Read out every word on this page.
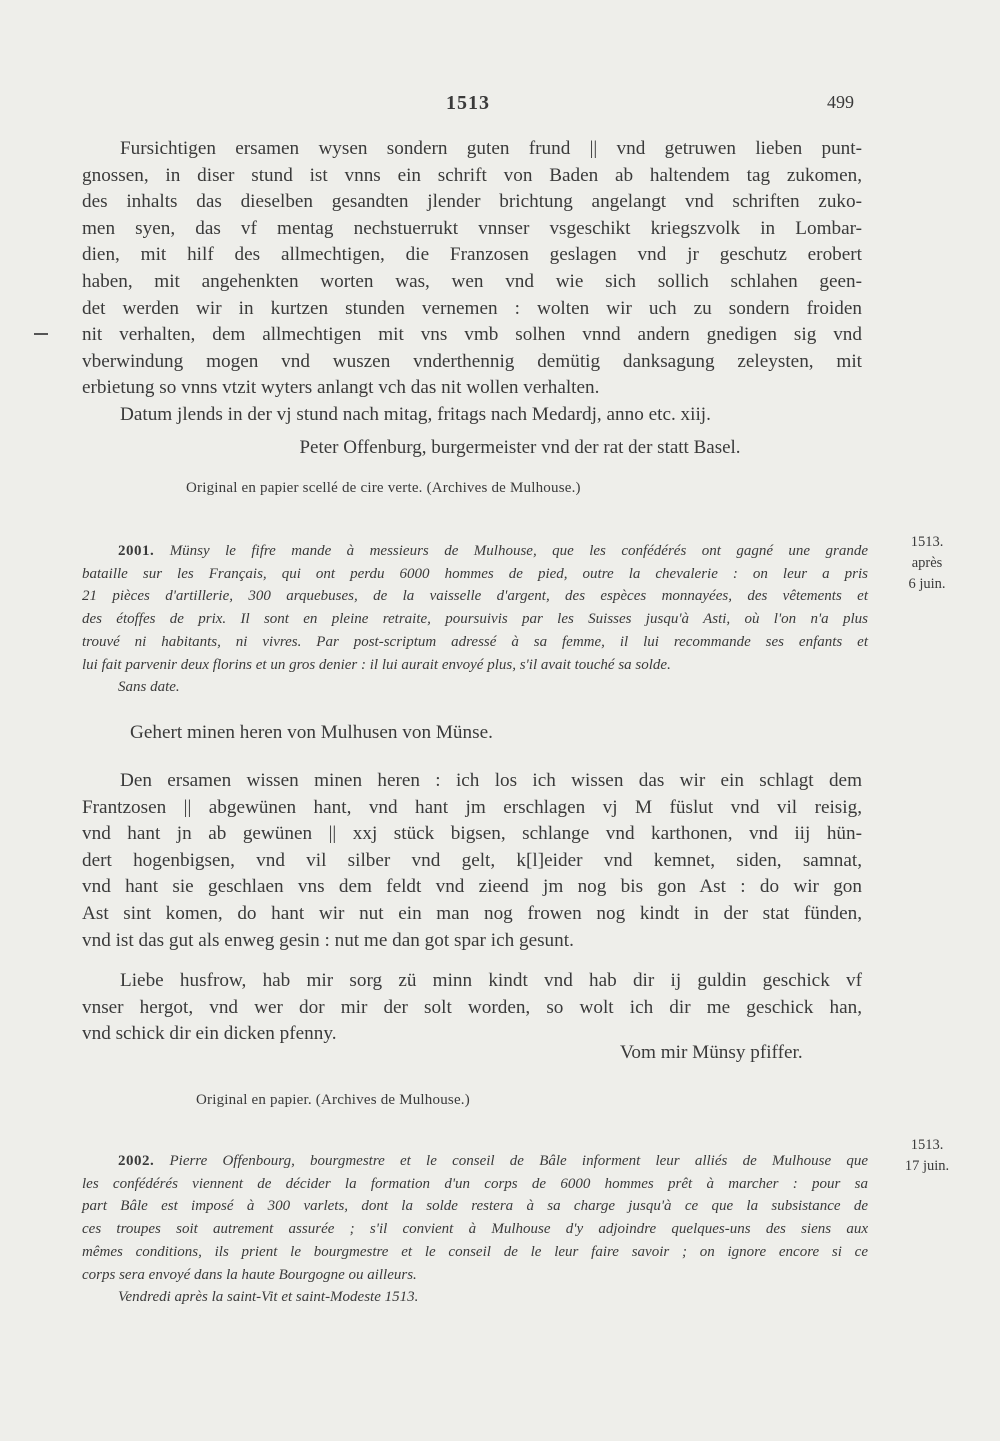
1513	499
Fursichtigen ersamen wysen sondern guten frund || vnd getruwen lieben punt-
gnossen, in diser stund ist vnns ein schrift von Baden ab haltendem tag zukomen,
des inhalts das dieselben gesandten jlender brichtung angelangt vnd schriften zuko-
men syen, das vf mentag nechstuerrukt vnnser vsgeschikt kriegszvolk in Lombar-
dien, mit hilf des allmechtigen, die Franzosen geslagen vnd jr geschutz erobert
haben, mit angehenkten worten was, wen vnd wie sich sollich schlahen geen-
det werden wir in kurtzen stunden vernemen : wolten wir uch zu sondern froiden
nit verhalten, dem allmechtigen mit vns vmb solhen vnnd andern gnedigen sig vnd
vberwindung mogen vnd wuszen vnderthennig demütig danksagung zeleysten, mit
erbietung so vnns vtzit wyters anlangt vch das nit wollen verhalten.
Datum jlends in der vj stund nach mitag, fritags nach Medardj, anno etc. xiij.
Peter Offenburg, burgermeister vnd der rat der statt Basel.
Original en papier scellé de cire verte. (Archives de Mulhouse.)
2001. Münsy le fifre mande à messieurs de Mulhouse, que les confédérés ont gagné une grande
bataille sur les Français, qui ont perdu 6000 hommes de pied, outre la chevalerie : on leur a pris
21 pièces d'artillerie, 300 arquebuses, de la vaisselle d'argent, des espèces monnayées, des vêtements et
des étoffes de prix. Il sont en pleine retraite, poursuivis par les Suisses jusqu'à Asti, où l'on n'a plus
trouvé ni habitants, ni vivres. Par post-scriptum adressé à sa femme, il lui recommande ses enfants et
lui fait parvenir deux florins et un gros denier : il lui aurait envoyé plus, s'il avait touché sa solde.
Sans date.
1513.
après
6 juin.
Gehert minen heren von Mulhusen von Münse.
Den ersamen wissen minen heren : ich los ich wissen das wir ein schlagt dem
Frantzosen || abgewünen hant, vnd hant jm erschlagen vj M füslut vnd vil reisig,
vnd hant jn ab gewünen || xxj stück bigsen, schlange vnd karthonen, vnd iij hün-
dert hogenbigsen, vnd vil silber vnd gelt, k[l]eider vnd kemnet, siden, samnat,
vnd hant sie geschlaen vns dem feldt vnd zieend jm nog bis gon Ast : do wir gon
Ast sint komen, do hant wir nut ein man nog frowen nog kindt in der stat fünden,
vnd ist das gut als enweg gesin : nut me dan got spar ich gesunt.
Liebe husfrow, hab mir sorg zü minn kindt vnd hab dir ij guldin geschick vf
vnser hergot, vnd wer dor mir der solt worden, so wolt ich dir me geschick han,
vnd schick dir ein dicken pfenny.
Vom mir Münsy pfiffer.
Original en papier. (Archives de Mulhouse.)
2002. Pierre Offenbourg, bourgmestre et le conseil de Bâle informent leur alliés de Mulhouse que
les confédérés viennent de décider la formation d'un corps de 6000 hommes prêt à marcher : pour sa
part Bâle est imposé à 300 varlets, dont la solde restera à sa charge jusqu'à ce que la subsistance de
ces troupes soit autrement assurée ; s'il convient à Mulhouse d'y adjoindre quelques-uns des siens aux
mêmes conditions, ils prient le bourgmestre et le conseil de le leur faire savoir ; on ignore encore si ce
corps sera envoyé dans la haute Bourgogne ou ailleurs.
Vendredi après la saint-Vit et saint-Modeste 1513.
1513.
17 juin.
